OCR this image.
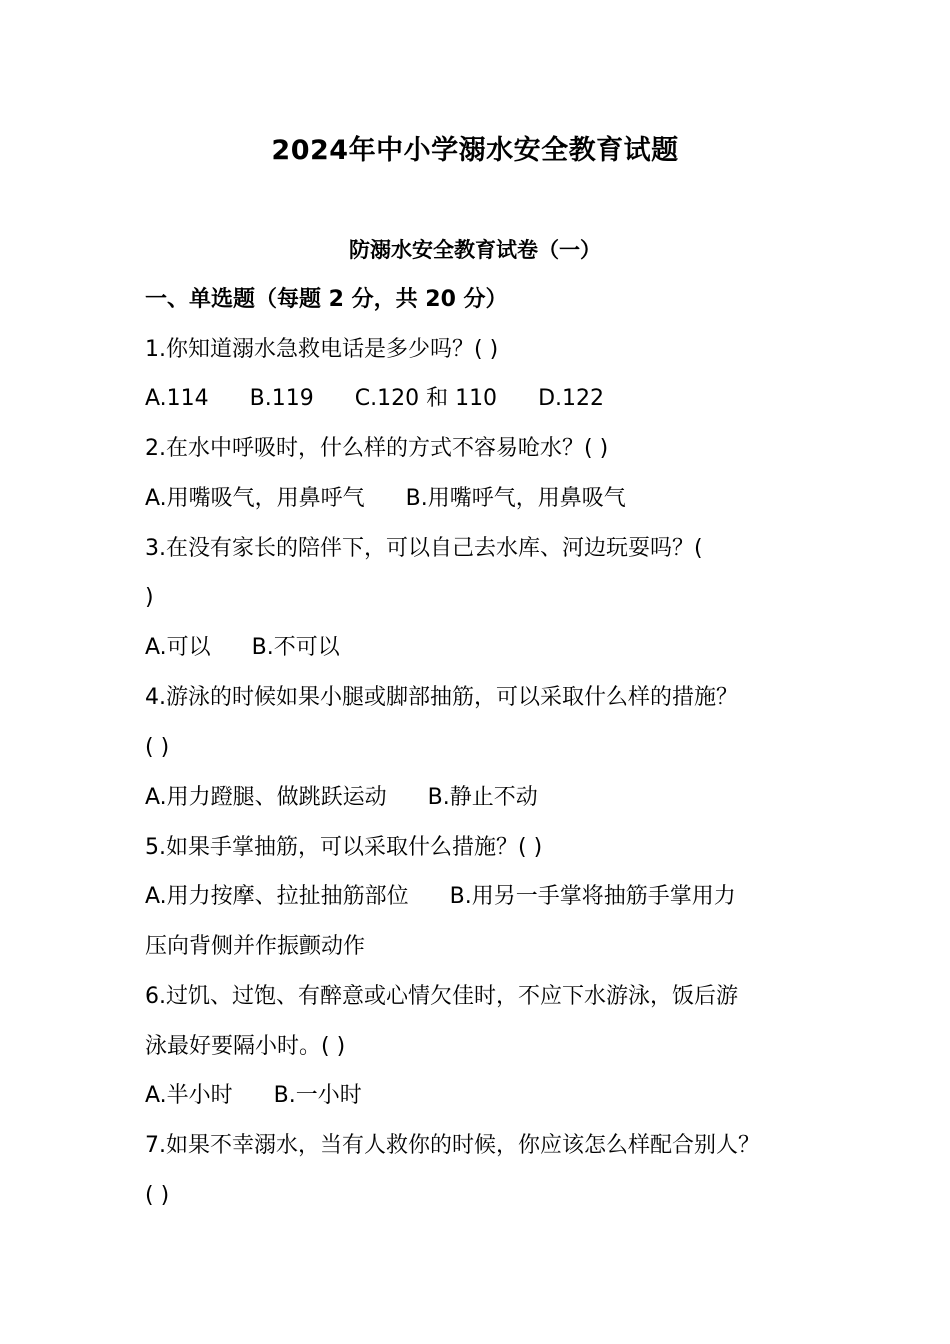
2024年中小学溺水安全教育试题
防溺水安全教育试卷（一）
一、单选题（每题 2 分，共 20 分）
1.你知道溺水急救电话是多少吗？( )
A.114 B.119 C.120 和 110 D.122
2.在水中呼吸时，什么样的方式不容易呛水？( )
A.用嘴吸气，用鼻呼气 B.用嘴呼气，用鼻吸气
3.在没有家长的陪伴下，可以自己去水库、河边玩耍吗？(
)
A.可以 B.不可以
4.游泳的时候如果小腿或脚部抽筋，可以采取什么样的措施？
( )
A.用力蹬腿、做跳跃运动 B.静止不动
5.如果手掌抽筋，可以采取什么措施？( )
A.用力按摩、拉扯抽筋部位 B.用另一手掌将抽筋手掌用力
压向背侧并作振颤动作
6.过饥、过饱、有醉意或心情欠佳时，不应下水游泳，饭后游
泳最好要隔小时。( )
A.半小时 B.一小时
7.如果不幸溺水，当有人救你的时候，你应该怎么样配合别人？
( )
